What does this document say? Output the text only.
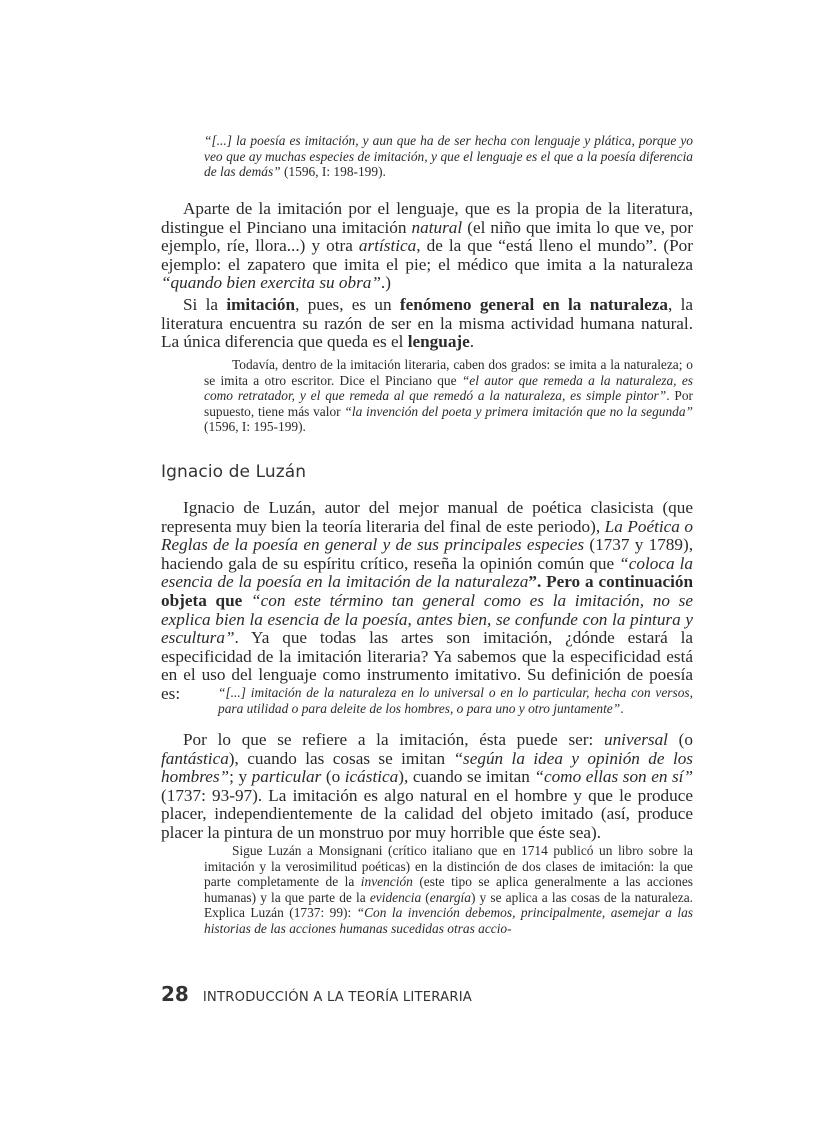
“[...] la poesía es imitación, y aun que ha de ser hecha con lenguaje y plática, porque yo veo que ay muchas especies de imitación, y que el lenguaje es el que a la poesía diferencia de las demás” (1596, I: 198-199).

Aparte de la imitación por el lenguaje, que es la propia de la literatura, distingue el Pinciano una imitación natural (el niño que imita lo que ve, por ejemplo, ríe, llora...) y otra artística, de la que “está lleno el mundo”. (Por ejemplo: el zapatero que imita el pie; el médico que imita a la naturaleza “quando bien exercita su obra”.)

Si la imitación, pues, es un fenómeno general en la naturaleza, la literatura encuentra su razón de ser en la misma actividad humana natural. La única diferencia que queda es el lenguaje.

Todavía, dentro de la imitación literaria, caben dos grados: se imita a la naturaleza; o se imita a otro escritor. Dice el Pinciano que “el autor que remeda a la naturaleza, es como retratador, y el que remeda al que remedó a la naturaleza, es simple pintor”. Por supuesto, tiene más valor “la invención del poeta y primera imitación que no la segunda” (1596, I: 195-199).

Ignacio de Luzán

Ignacio de Luzán, autor del mejor manual de poética clasicista (que representa muy bien la teoría literaria del final de este periodo), La Poética o Reglas de la poesía en general y de sus principales especies (1737 y 1789), haciendo gala de su espíritu crítico, reseña la opinión común que “coloca la esencia de la poesía en la imitación de la naturaleza”. Pero a continuación objeta que “con este término tan general como es la imitación, no se explica bien la esencia de la poesía, antes bien, se confunde con la pintura y escultura”. Ya que todas las artes son imitación, ¿dónde estará la especificidad de la imitación literaria? Ya sabemos que la especificidad está en el uso del lenguaje como instrumento imitativo. Su definición de poesía es:	“[...] imitación de la naturaleza en lo universal o en lo particular, hecha con versos, para utilidad o para deleite de los hombres, o para uno y otro juntamente”.

Por lo que se refiere a la imitación, ésta puede ser: universal (o fantástica), cuando las cosas se imitan “según la idea y opinión de los hombres”; y particular (o icástica), cuando se imitan “como ellas son en sí” (1737: 93-97). La imitación es algo natural en el hombre y que le produce placer, independientemente de la calidad del objeto imitado (así, produce placer la pintura de un monstruo por muy horrible que éste sea).

Sigue Luzán a Monsignani (crítico italiano que en 1714 publicó un libro sobre la imitación y la verosimilitud poéticas) en la distinción de dos clases de imitación: la que parte completamente de la invención (este tipo se aplica generalmente a las acciones humanas) y la que parte de la evidencia (enargía) y se aplica a las cosas de la naturaleza. Explica Luzán (1737: 99): “Con la invención debemos, principalmente, asemejar a las historias de las acciones humanas sucedidas otras accio-

28 INTRODUCCIÓN A LA TEORÍA LITERARIA
